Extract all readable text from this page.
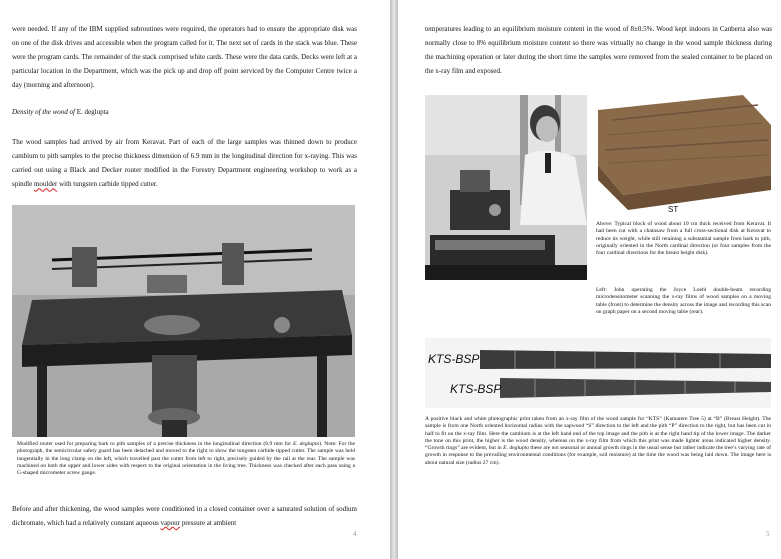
were needed. If any of the IBM supplied subroutines were required, the operators had to ensure the appropriate disk was on one of the disk drives and accessible when the program called for it. The next set of cards in the stack was blue. These were the program cards. The remainder of the stack comprised white cards. These were the data cards. Decks were left at a particular location in the Department, which was the pick up and drop off point serviced by the Computer Centre twice a day (morning and afternoon).

Density of the wood of E. deglupta

The wood samples had arrived by air from Keravat. Part of each of the large samples was thinned down to produce cambium to pith samples to the precise thickness dimension of 6.9 mm in the longitudinal direction for x-raying. This was carried out using a Black and Decker router modified in the Forestry Department engineering workshop to work as a spindle moulder with tungsten carbide tipped cutter.

Modified router used for preparing bark to pith samples of a precise thickness in the longitudinal direction (6.9 mm for E. deglupta). Note: For the photograph, the semicircular safety guard has been detached and moved to the right to show the tungsten carbide tipped cutter. The sample was held tangentially in the long clamp on the left, which travelled past the cutter from left to right, precisely guided by the rail at the rear. The sample was machined on both the upper and lower sides with respect to the original orientation in the living tree. Thickness was checked after each pass using a G-shaped micrometer screw gauge.

Before and after thickening, the wood samples were conditioned in a closed container over a saturated solution of sodium dichromate, which had a relatively constant aqueous vapour pressure at ambient

4

temperatures leading to an equilibrium moisture content in the wood of 8±0.5%. Wood kept indoors in Canberra also was normally close to 8% equilibrium moisture content so there was virtually no change in the wood sample thickness during the machining operation or later during the short time the samples were removed from the sealed container to be placed on the x-ray film and exposed.

ST

Above: Typical block of wood about 10 cm thick received from Keravat. It had been cut with a chainsaw from a full cross-sectional disk at Keravat to reduce its weight, while still retaining a substantial sample from bark to pith, originally oriented in the North cardinal direction (or four samples from the four cardinal directions for the breast height disk).

Left: John operating the Joyce Loebl double-beam recording microdensitometer scanning the x-ray films of wood samples on a moving table (front) to determine the density across the image and recording this scan on graph paper on a second moving table (rear).

KTS-BSP
KTS-BSP

A positive black and white photographic print taken from an x-ray film of the wood sample for “KTS” (Kamarere Tree 5) at “B” (Breast Height). The sample is from one North oriented horizontal radius with the sapwood “S” direction to the left and the pith “P” direction to the right, but has been cut in half to fit on the x-ray film. Here the cambium is at the left hand end of the top image and the pith is at the right hand tip of the lower image. The darker the tone on this print, the higher is the wood density, whereas on the x-ray film from which this print was made lighter areas indicated higher density. “Growth rings” are evident, but in E. deglupta these are not seasonal or annual growth rings in the usual sense but rather indicate the tree’s varying rate of growth in response to the prevailing environmental conditions (for example, soil moisture) at the time the wood was being laid down. The image here is about natural size (radius 27 cm).

5
